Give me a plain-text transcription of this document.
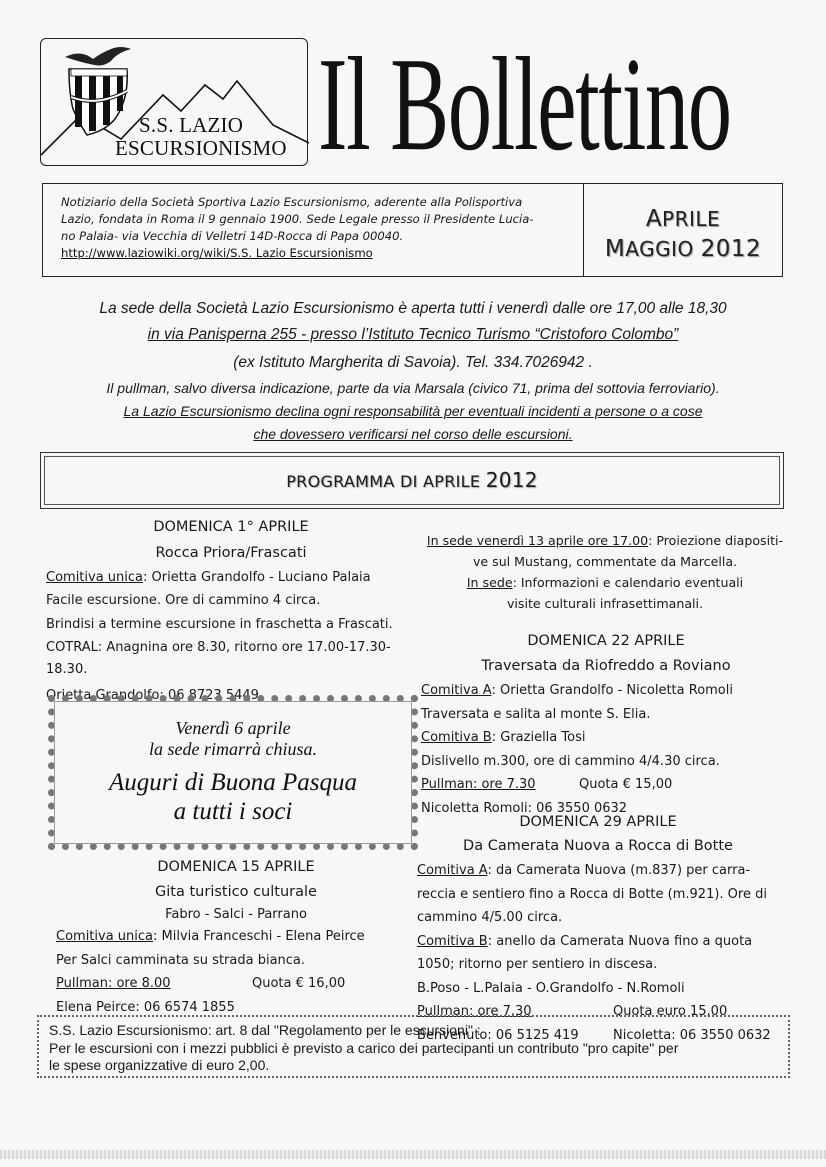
S.S. LAZIO
ESCURSIONISMO Il Bollettino
Notiziario della Società Sportiva Lazio Escursionismo, aderente alla Polisportiva
Lazio, fondata in Roma il 9 gennaio 1900. Sede Legale presso il Presidente Lucia-
no Palaia- via Vecchia di Velletri 14D-Rocca di Papa 00040.
http://www.laziowiki.org/wiki/S.S. Lazio Escursionismo
APRILE
MAGGIO 2012
La sede della Società Lazio Escursionismo è aperta tutti i venerdì dalle ore 17,00 alle 18,30
in via Panisperna 255 - presso l’Istituto Tecnico Turismo “Cristoforo Colombo”
(ex Istituto Margherita di Savoia). Tel. 334.7026942 .
Il pullman, salvo diversa indicazione, parte da via Marsala (civico 71, prima del sottovia ferroviario).
La Lazio Escursionismo declina ogni responsabilità per eventuali incidenti a persone o a cose
che dovessero verificarsi nel corso delle escursioni.
PROGRAMMA DI APRILE 2012
DOMENICA 1° APRILE
Rocca Priora/Frascati
Comitiva unica: Orietta Grandolfo - Luciano Palaia
Facile escursione. Ore di cammino 4 circa.
Brindisi a termine escursione in fraschetta a Frascati.
COTRAL: Anagnina ore 8.30, ritorno ore 17.00-17.30-
18.30.
Orietta Grandolfo: 06 8723 5449
Venerdì 6 aprile
la sede rimarrà chiusa.
Auguri di Buona Pasqua
a tutti i soci
DOMENICA 15 APRILE
Gita turistico culturale
Fabro - Salci - Parrano
Comitiva unica: Milvia Franceschi - Elena Peirce
Per Salci camminata su strada bianca.
Pullman: ore 8.00	Quota € 16,00
Elena Peirce: 06 6574 1855
In sede venerdì 13 aprile ore 17.00: Proiezione diapositi-
ve sul Mustang, commentate da Marcella.
In sede: Informazioni e calendario eventuali
visite culturali infrasettimanali.
DOMENICA 22 APRILE
Traversata da Riofreddo a Roviano
Comitiva A: Orietta Grandolfo - Nicoletta Romoli
Traversata e salita al monte S. Elia.
Comitiva B: Graziella Tosi
Dislivello m.300, ore di cammino 4/4.30 circa.
Pullman: ore 7.30	Quota € 15,00
Nicoletta Romoli: 06 3550 0632
DOMENICA 29 APRILE
Da Camerata Nuova a Rocca di Botte
Comitiva A: da Camerata Nuova (m.837) per carra-
reccia e sentiero fino a Rocca di Botte (m.921). Ore di
cammino 4/5.00 circa.
Comitiva B: anello da Camerata Nuova fino a quota
1050; ritorno per sentiero in discesa.
B.Poso - L.Palaia - O.Grandolfo - N.Romoli
Pullman: ore 7.30	Quota euro 15,00
Benvenuto: 06 5125 419	Nicoletta: 06 3550 0632
S.S. Lazio Escursionismo: art. 8 dal "Regolamento per le escursioni" :
Per le escursioni con i mezzi pubblici è previsto a carico dei partecipanti un contributo "pro capite" per
le spese organizzative di euro 2,00.
